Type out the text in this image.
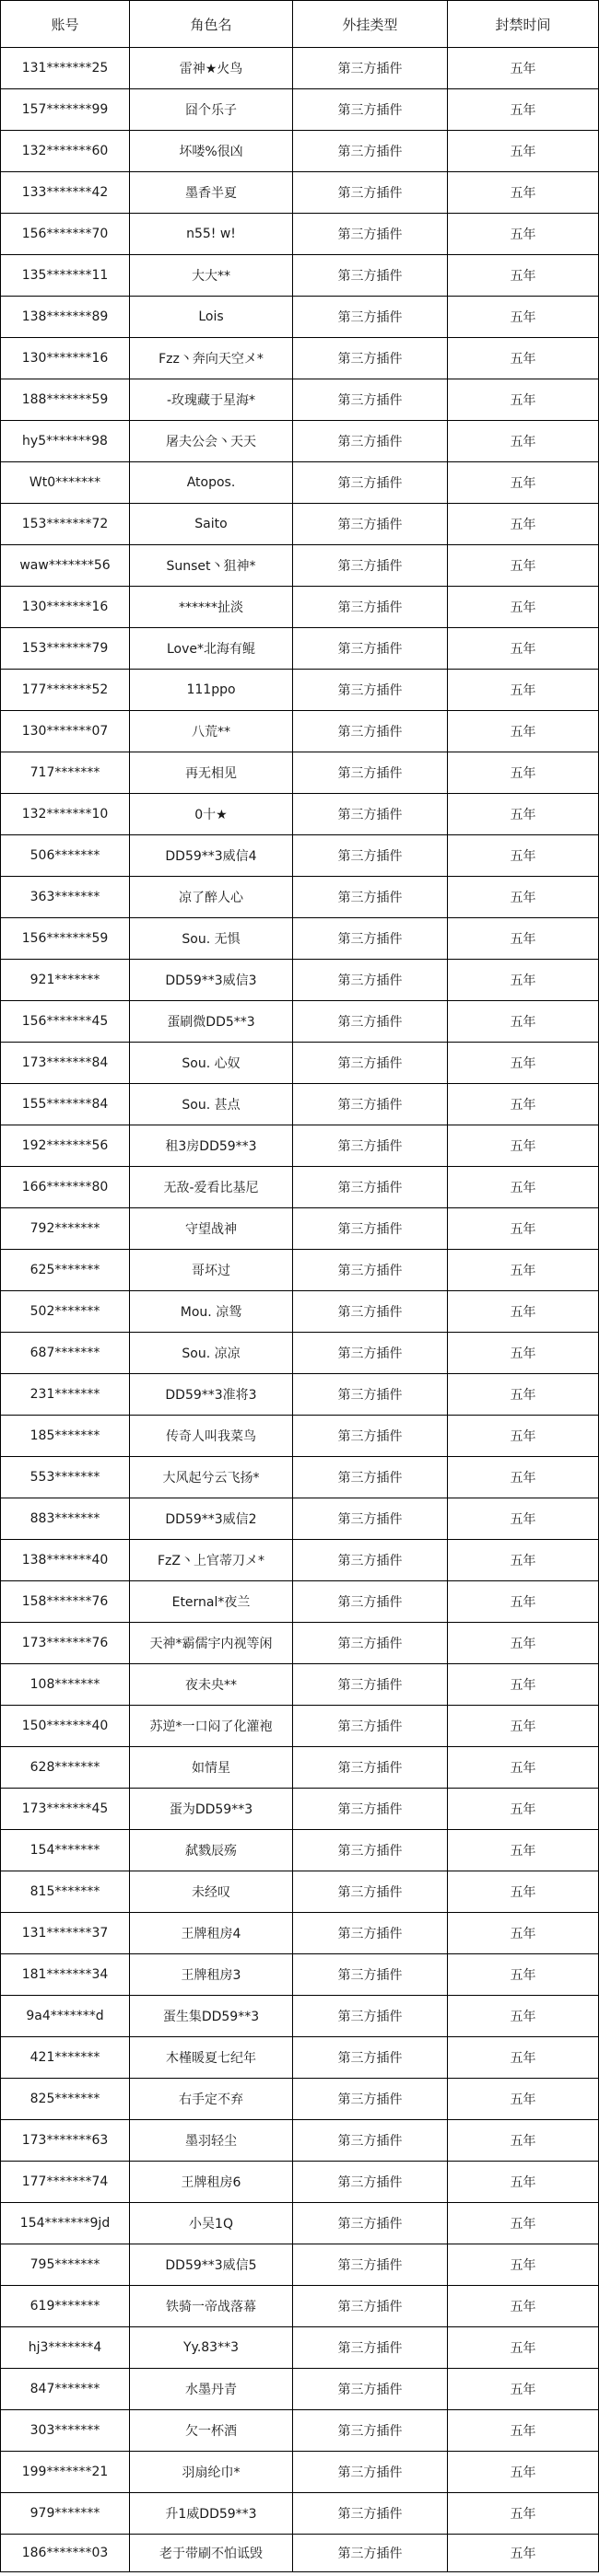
账号	角色名	外挂类型	封禁时间
131*******25	雷神★火鸟	第三方插件	五年
157*******99	囧个乐子	第三方插件	五年
132*******60	坏喽%很凶	第三方插件	五年
133*******42	墨香半夏	第三方插件	五年
156*******70	n55! w!	第三方插件	五年
135*******11	大大**	第三方插件	五年
138*******89	Lois	第三方插件	五年
130*******16	Fzz丶奔向天空メ*	第三方插件	五年
188*******59	-玫瑰藏于星海*	第三方插件	五年
hy5*******98	屠夫公会丶天天	第三方插件	五年
Wt0*******	Atopos.	第三方插件	五年
153*******72	Saito	第三方插件	五年
waw*******56	Sunset丶狙神*	第三方插件	五年
130*******16	******扯淡	第三方插件	五年
153*******79	Love*北海有鲲	第三方插件	五年
177*******52	111ppo	第三方插件	五年
130*******07	八荒**	第三方插件	五年
717*******	再无相见	第三方插件	五年
132*******10	0十★	第三方插件	五年
506*******	DD59**3威信4	第三方插件	五年
363*******	凉了醉人心	第三方插件	五年
156*******59	Sou. 无惧	第三方插件	五年
921*******	DD59**3威信3	第三方插件	五年
156*******45	蛋刷微DD5**3	第三方插件	五年
173*******84	Sou. 心奴	第三方插件	五年
155*******84	Sou. 甚点	第三方插件	五年
192*******56	租3房DD59**3	第三方插件	五年
166*******80	无敌-爱看比基尼	第三方插件	五年
792*******	守望战神	第三方插件	五年
625*******	哥坏过	第三方插件	五年
502*******	Mou. 凉鸳	第三方插件	五年
687*******	Sou. 凉凉	第三方插件	五年
231*******	DD59**3准将3	第三方插件	五年
185*******	传奇人叫我菜鸟	第三方插件	五年
553*******	大风起兮云飞扬*	第三方插件	五年
883*******	DD59**3威信2	第三方插件	五年
138*******40	FzZ丶上官蒂刀メ*	第三方插件	五年
158*******76	Eternal*夜兰	第三方插件	五年
173*******76	天神*霸儒宇内视等闲	第三方插件	五年
108*******	夜未央**	第三方插件	五年
150*******40	苏逆*一口闷了化灌袍	第三方插件	五年
628*******	如情星	第三方插件	五年
173*******45	蛋为DD59**3	第三方插件	五年
154*******	弑戮辰殇	第三方插件	五年
815*******	未经叹	第三方插件	五年
131*******37	王牌租房4	第三方插件	五年
181*******34	王牌租房3	第三方插件	五年
9a4*******d	蛋生集DD59**3	第三方插件	五年
421*******	木槿暖夏七纪年	第三方插件	五年
825*******	右手定不弃	第三方插件	五年
173*******63	墨羽轻尘	第三方插件	五年
177*******74	王牌租房6	第三方插件	五年
154*******9jd	小吴1Q	第三方插件	五年
795*******	DD59**3威信5	第三方插件	五年
619*******	铁骑一帝战落幕	第三方插件	五年
hj3*******4	Yy.83**3	第三方插件	五年
847*******	水墨丹青	第三方插件	五年
303*******	欠一杯酒	第三方插件	五年
199*******21	羽扇纶巾*	第三方插件	五年
979*******	升1威DD59**3	第三方插件	五年
186*******03	老于带刷不怕诋毁	第三方插件	五年
